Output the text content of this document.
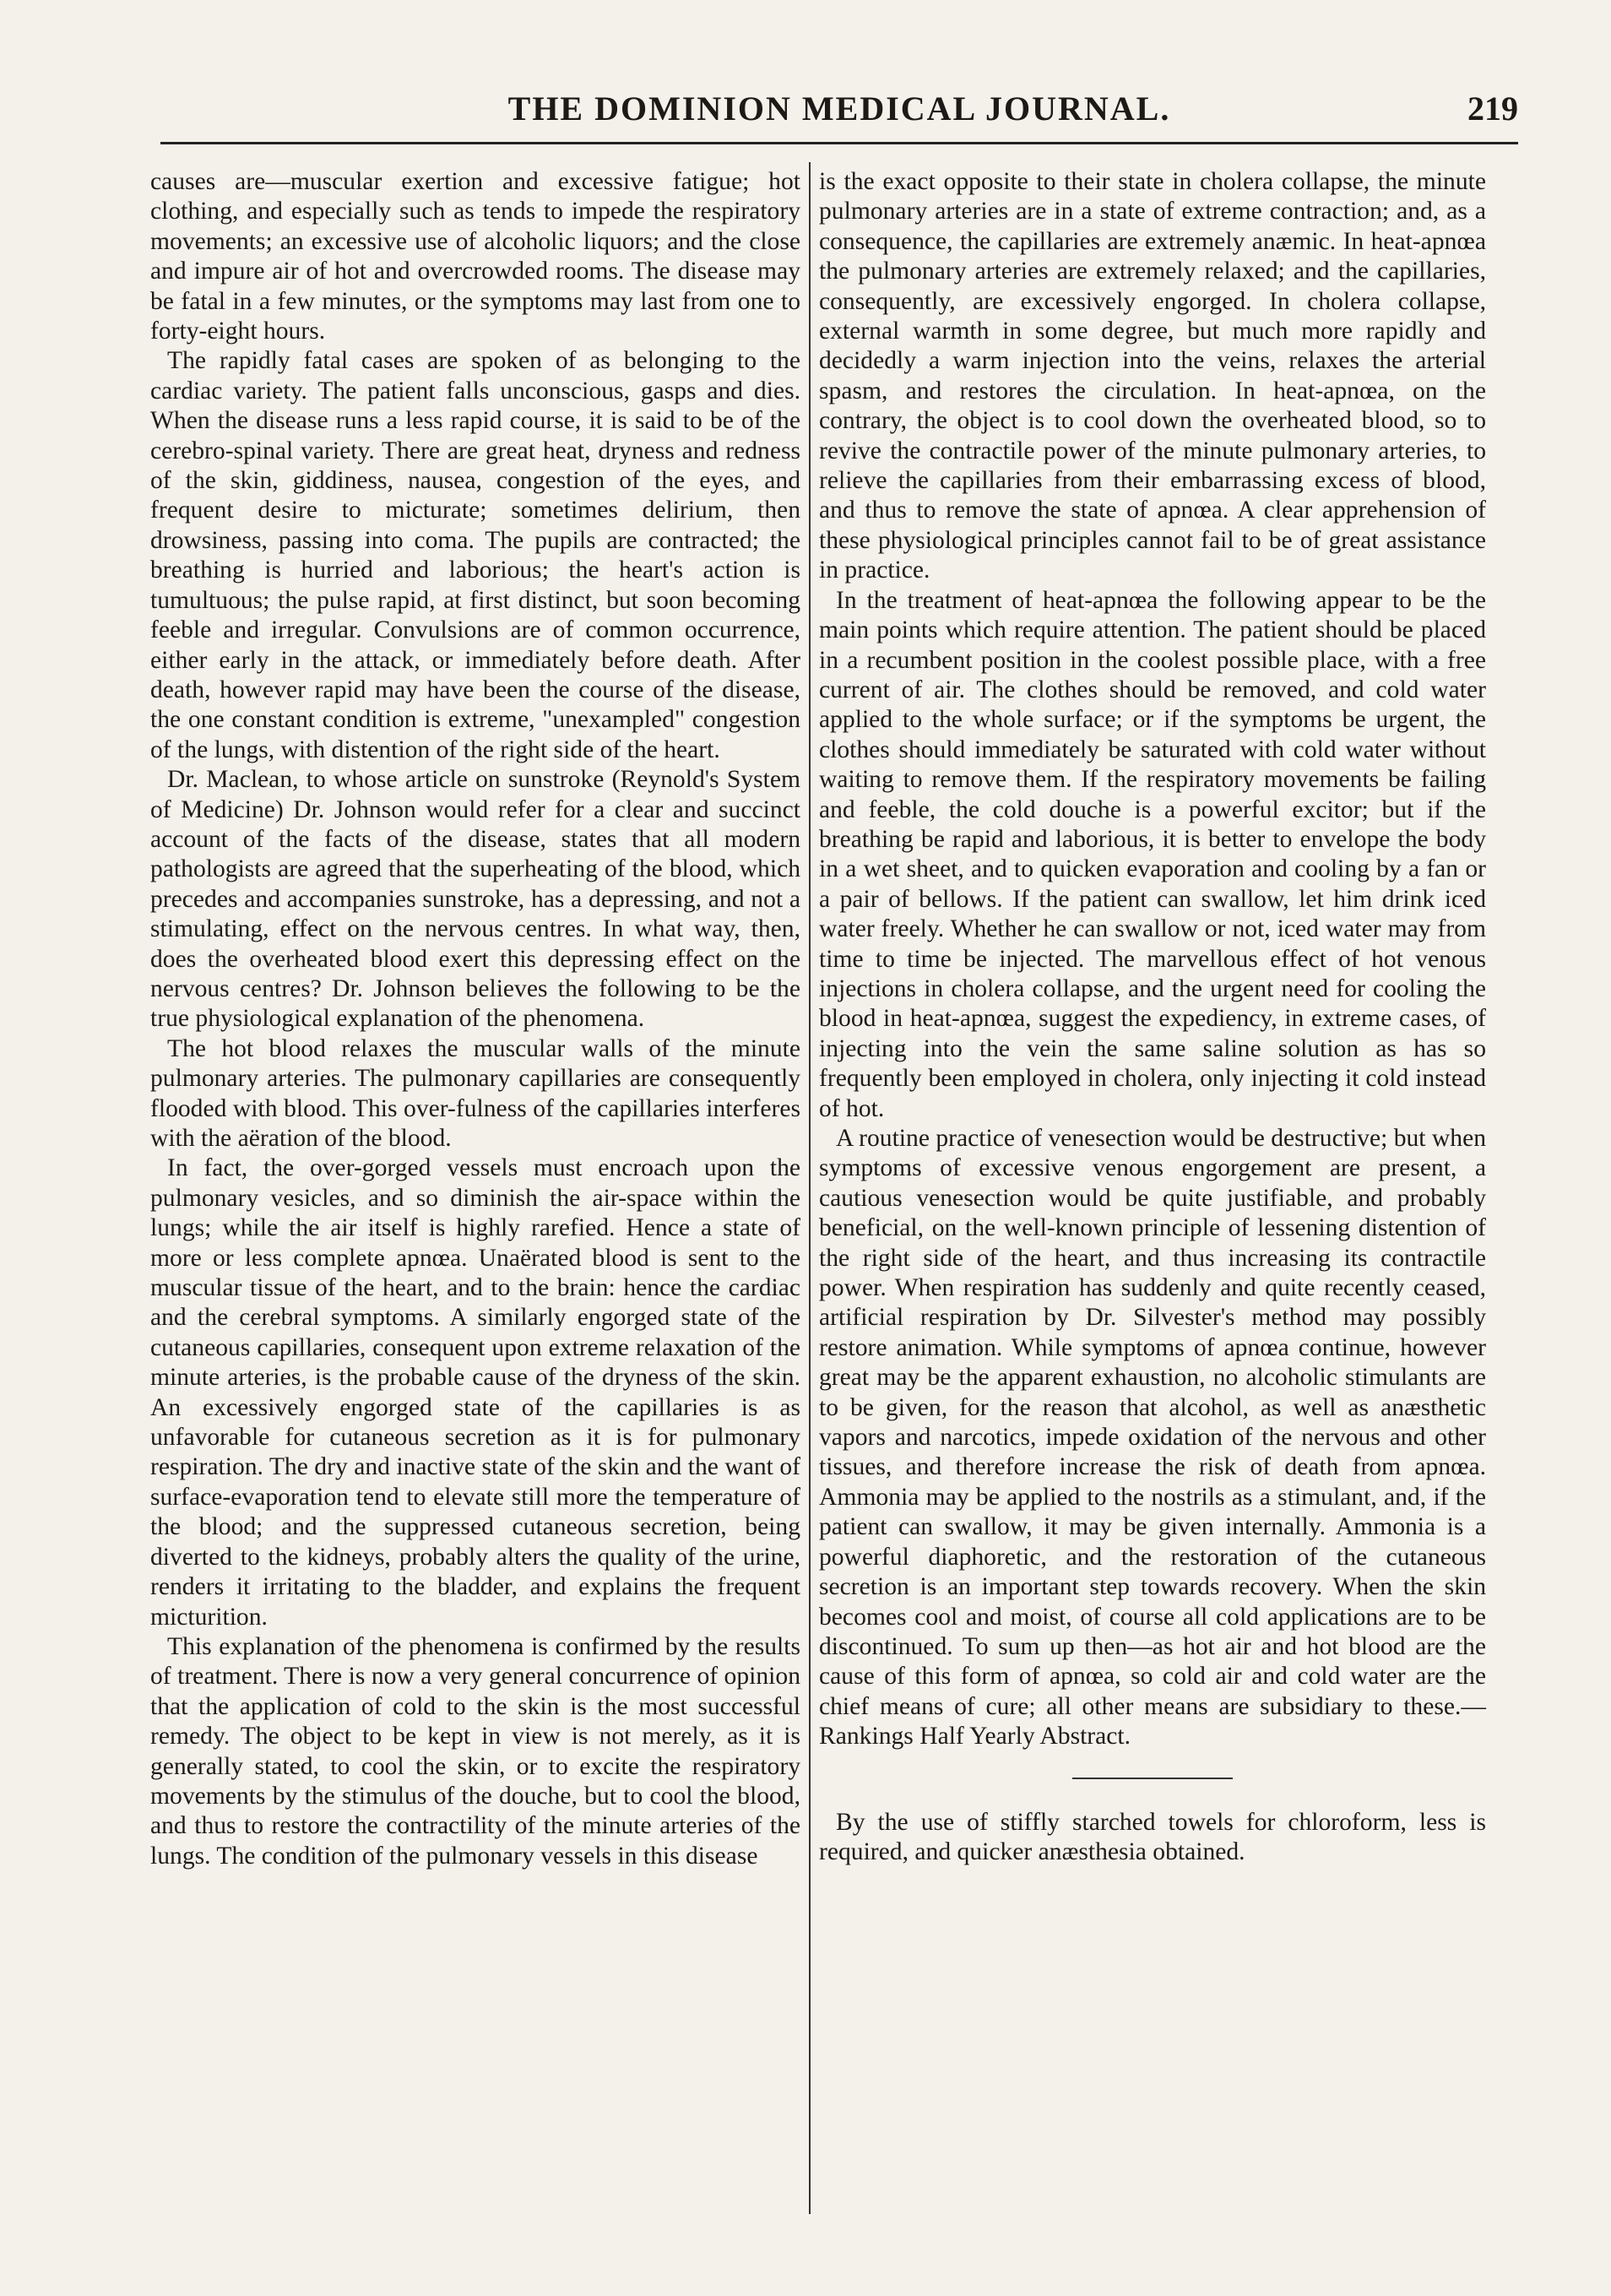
THE DOMINION MEDICAL JOURNAL.	219

causes are—muscular exertion and excessive fatigue; hot clothing, and especially such as tends to impede the respiratory movements; an excessive use of alcoholic liquors; and the close and impure air of hot and overcrowded rooms. The disease may be fatal in a few minutes, or the symptoms may last from one to forty-eight hours.

The rapidly fatal cases are spoken of as belonging to the cardiac variety. The patient falls unconscious, gasps and dies. When the disease runs a less rapid course, it is said to be of the cerebro-spinal variety. There are great heat, dryness and redness of the skin, giddiness, nausea, congestion of the eyes, and frequent desire to micturate; sometimes delirium, then drowsiness, passing into coma. The pupils are contracted; the breathing is hurried and laborious; the heart's action is tumultuous; the pulse rapid, at first distinct, but soon becoming feeble and irregular. Convulsions are of common occurrence, either early in the attack, or immediately before death. After death, however rapid may have been the course of the disease, the one constant condition is extreme, "unexampled" congestion of the lungs, with distention of the right side of the heart.

Dr. Maclean, to whose article on sunstroke (Reynold's System of Medicine) Dr. Johnson would refer for a clear and succinct account of the facts of the disease, states that all modern pathologists are agreed that the superheating of the blood, which precedes and accompanies sunstroke, has a depressing, and not a stimulating, effect on the nervous centres. In what way, then, does the overheated blood exert this depressing effect on the nervous centres? Dr. Johnson believes the following to be the true physiological explanation of the phenomena.

The hot blood relaxes the muscular walls of the minute pulmonary arteries. The pulmonary capillaries are consequently flooded with blood. This over-fulness of the capillaries interferes with the aëration of the blood.

In fact, the over-gorged vessels must encroach upon the pulmonary vesicles, and so diminish the air-space within the lungs; while the air itself is highly rarefied. Hence a state of more or less complete apnœa. Unaërated blood is sent to the muscular tissue of the heart, and to the brain: hence the cardiac and the cerebral symptoms. A similarly engorged state of the cutaneous capillaries, consequent upon extreme relaxation of the minute arteries, is the probable cause of the dryness of the skin. An excessively engorged state of the capillaries is as unfavorable for cutaneous secretion as it is for pulmonary respiration. The dry and inactive state of the skin and the want of surface-evaporation tend to elevate still more the temperature of the blood; and the suppressed cutaneous secretion, being diverted to the kidneys, probably alters the quality of the urine, renders it irritating to the bladder, and explains the frequent micturition.

This explanation of the phenomena is confirmed by the results of treatment. There is now a very general concurrence of opinion that the application of cold to the skin is the most successful remedy. The object to be kept in view is not merely, as it is generally stated, to cool the skin, or to excite the respiratory movements by the stimulus of the douche, but to cool the blood, and thus to restore the contractility of the minute arteries of the lungs. The condition of the pulmonary vessels in this disease

is the exact opposite to their state in cholera collapse, the minute pulmonary arteries are in a state of extreme contraction; and, as a consequence, the capillaries are extremely anæmic. In heat-apnœa the pulmonary arteries are extremely relaxed; and the capillaries, consequently, are excessively engorged. In cholera collapse, external warmth in some degree, but much more rapidly and decidedly a warm injection into the veins, relaxes the arterial spasm, and restores the circulation. In heat-apnœa, on the contrary, the object is to cool down the overheated blood, so to revive the contractile power of the minute pulmonary arteries, to relieve the capillaries from their embarrassing excess of blood, and thus to remove the state of apnœa. A clear apprehension of these physiological principles cannot fail to be of great assistance in practice.

In the treatment of heat-apnœa the following appear to be the main points which require attention. The patient should be placed in a recumbent position in the coolest possible place, with a free current of air. The clothes should be removed, and cold water applied to the whole surface; or if the symptoms be urgent, the clothes should immediately be saturated with cold water without waiting to remove them. If the respiratory movements be failing and feeble, the cold douche is a powerful excitor; but if the breathing be rapid and laborious, it is better to envelope the body in a wet sheet, and to quicken evaporation and cooling by a fan or a pair of bellows. If the patient can swallow, let him drink iced water freely. Whether he can swallow or not, iced water may from time to time be injected. The marvellous effect of hot venous injections in cholera collapse, and the urgent need for cooling the blood in heat-apnœa, suggest the expediency, in extreme cases, of injecting into the vein the same saline solution as has so frequently been employed in cholera, only injecting it cold instead of hot.

A routine practice of venesection would be destructive; but when symptoms of excessive venous engorgement are present, a cautious venesection would be quite justifiable, and probably beneficial, on the well-known principle of lessening distention of the right side of the heart, and thus increasing its contractile power. When respiration has suddenly and quite recently ceased, artificial respiration by Dr. Silvester's method may possibly restore animation. While symptoms of apnœa continue, however great may be the apparent exhaustion, no alcoholic stimulants are to be given, for the reason that alcohol, as well as anæsthetic vapors and narcotics, impede oxidation of the nervous and other tissues, and therefore increase the risk of death from apnœa. Ammonia may be applied to the nostrils as a stimulant, and, if the patient can swallow, it may be given internally. Ammonia is a powerful diaphoretic, and the restoration of the cutaneous secretion is an important step towards recovery. When the skin becomes cool and moist, of course all cold applications are to be discontinued. To sum up then—as hot air and hot blood are the cause of this form of apnœa, so cold air and cold water are the chief means of cure; all other means are subsidiary to these.—Rankings Half Yearly Abstract.

By the use of stiffly starched towels for chloroform, less is required, and quicker anæsthesia obtained.
